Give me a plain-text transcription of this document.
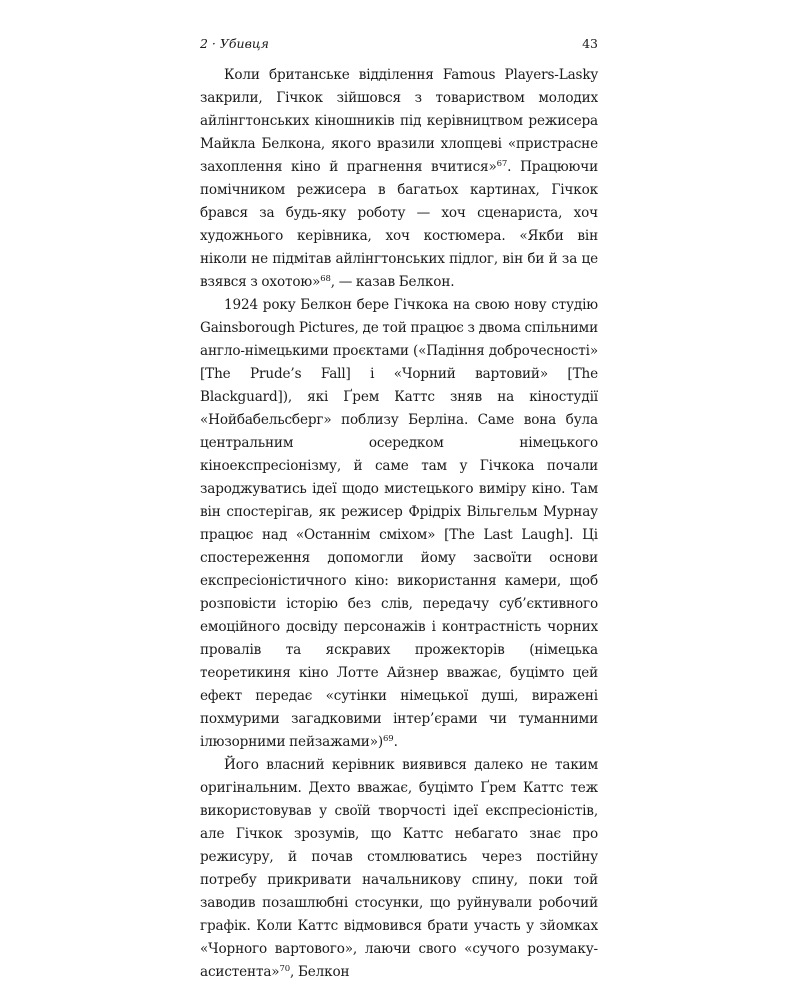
2 · Убивця	43

Коли британське відділення Famous Players-Lasky закрили, Гічкок зійшовся з товариством молодих айлінгтонських кіношників під керівництвом режисера Майкла Белкона, якого вразили хлопцеві «пристрасне захоплення кіно й прагнення вчитися»$^{67}$. Працюючи помічником режисера в багатьох картинах, Гічкок брався за будь-яку роботу — хоч сценариста, хоч художнього керівника, хоч костюмера. «Якби він ніколи не підмітав айлінгтонських підлог, він би й за це взявся з охотою»$^{68}$, — казав Белкон.

1924 року Белкон бере Гічкока на свою нову студію Gainsborough Pictures, де той працює з двома спільними англо-німецькими проєктами («Падіння доброчесності» [The Prude’s Fall] і «Чорний вартовий» [The Blackguard]), які Ґрем Каттс зняв на кіностудії «Нойбабельсберг» поблизу Берліна. Саме вона була центральним осередком німецького кіноекспресіонізму, й саме там у Гічкока почали зароджуватись ідеї щодо мистецького виміру кіно. Там він спостерігав, як режисер Фрідріх Вільгельм Мурнау працює над «Останнім сміхом» [The Last Laugh]. Ці спостереження допомогли йому засвоїти основи експресіоністичного кіно: використання камери, щоб розповісти історію без слів, передачу суб’єктивного емоційного досвіду персонажів і контрастність чорних провалів та яскравих прожекторів (німецька теоретикиня кіно Лотте Айзнер вважає, буцімто цей ефект передає «сутінки німецької душі, виражені похмурими загадковими інтер’єрами чи туманними ілюзорними пейзажами»)$^{69}$.

Його власний керівник виявився далеко не таким оригінальним. Дехто вважає, буцімто Ґрем Каттс теж використовував у своїй творчості ідеї експресіоністів, але Гічкок зрозумів, що Каттс небагато знає про режисуру, й почав стомлюватись через постійну потребу прикривати начальникову спину, поки той заводив позашлюбні стосунки, що руйнували робочий графік. Коли Каттс відмовився брати участь у зйомках «Чорного вартового», лаючи свого «сучого розумаку-асистента»$^{70}$, Белкон
